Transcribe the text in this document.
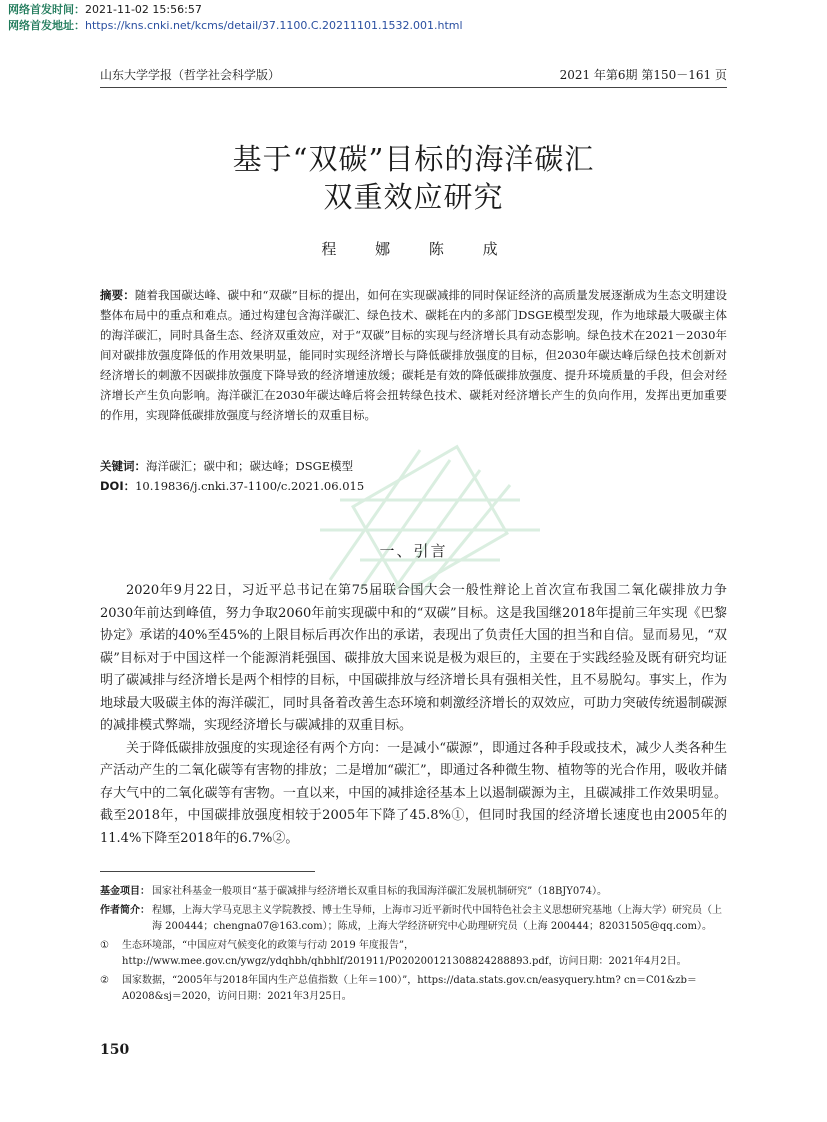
网络首发时间：2021-11-02 15:56:57
网络首发地址：https://kns.cnki.net/kcms/detail/37.1100.C.20211101.1532.001.html
山东大学学报（哲学社会科学版）	2021 年第6期 第150－161 页
基于“双碳”目标的海洋碳汇
双重效应研究
程 娜 陈 成
摘要：随着我国碳达峰、碳中和“双碳”目标的提出，如何在实现碳减排的同时保证经济的高质量发展逐渐成为生态文明建设整体布局中的重点和难点。通过构建包含海洋碳汇、绿色技术、碳耗在内的多部门DSGE模型发现，作为地球最大吸碳主体的海洋碳汇，同时具备生态、经济双重效应，对于“双碳”目标的实现与经济增长具有动态影响。绿色技术在2021－2030年间对碳排放强度降低的作用效果明显，能同时实现经济增长与降低碳排放强度的目标，但2030年碳达峰后绿色技术创新对经济增长的刺激不因碳排放强度下降导致的经济增速放缓；碳耗是有效的降低碳排放强度、提升环境质量的手段，但会对经济增长产生负向影响。海洋碳汇在2030年碳达峰后将会扭转绿色技术、碳耗对经济增长产生的负向作用，发挥出更加重要的作用，实现降低碳排放强度与经济增长的双重目标。
关键词：海洋碳汇；碳中和；碳达峰；DSGE模型
DOI：10.19836/j.cnki.37-1100/c.2021.06.015
一、引言

2020年9月22日，习近平总书记在第75届联合国大会一般性辩论上首次宣布我国二氧化碳排放力争2030年前达到峰值，努力争取2060年前实现碳中和的“双碳”目标。这是我国继2018年提前三年实现《巴黎协定》承诺的40%至45%的上限目标后再次作出的承诺，表现出了负责任大国的担当和自信。显而易见，“双碳”目标对于中国这样一个能源消耗强国、碳排放大国来说是极为艰巨的，主要在于实践经验及既有研究均证明了碳减排与经济增长是两个相悖的目标，中国碳排放与经济增长具有强相关性，且不易脱勾。事实上，作为地球最大吸碳主体的海洋碳汇，同时具备着改善生态环境和刺激经济增长的双效应，可助力突破传统遏制碳源的减排模式弊端，实现经济增长与碳减排的双重目标。

关于降低碳排放强度的实现途径有两个方向：一是减小“碳源”，即通过各种手段或技术，减少人类各种生产活动产生的二氧化碳等有害物的排放；二是增加“碳汇”，即通过各种微生物、植物等的光合作用，吸收并储存大气中的二氧化碳等有害物。一直以来，中国的减排途径基本上以遏制碳源为主，且碳减排工作效果明显。截至2018年，中国碳排放强度相较于2005年下降了45.8%①，但同时我国的经济增长速度也由2005年的11.4%下降至2018年的6.7%②。

基金项目： 国家社科基金一般项目“基于碳减排与经济增长双重目标的我国海洋碳汇发展机制研究”（18BJY074）。
作者简介： 程娜，上海大学马克思主义学院教授、博士生导师，上海市习近平新时代中国特色社会主义思想研究基地（上海大学）研究员（上海 200444；chengna07@163.com）；陈成，上海大学经济研究中心助理研究员（上海 200444；82031505@qq.com）。
①	生态环境部，“中国应对气候变化的政策与行动 2019 年度报告”，http://www.mee.gov.cn/ywgz/ydqhbh/qhbhlf/201911/P020200121308824288893.pdf，访问日期：2021年4月2日。
②	国家数据，“2005年与2018年国内生产总值指数（上年＝100）”，https://data.stats.gov.cn/easyquery.htm? cn＝C01&zb＝A0208&sj＝2020，访问日期：2021年3月25日。
150
